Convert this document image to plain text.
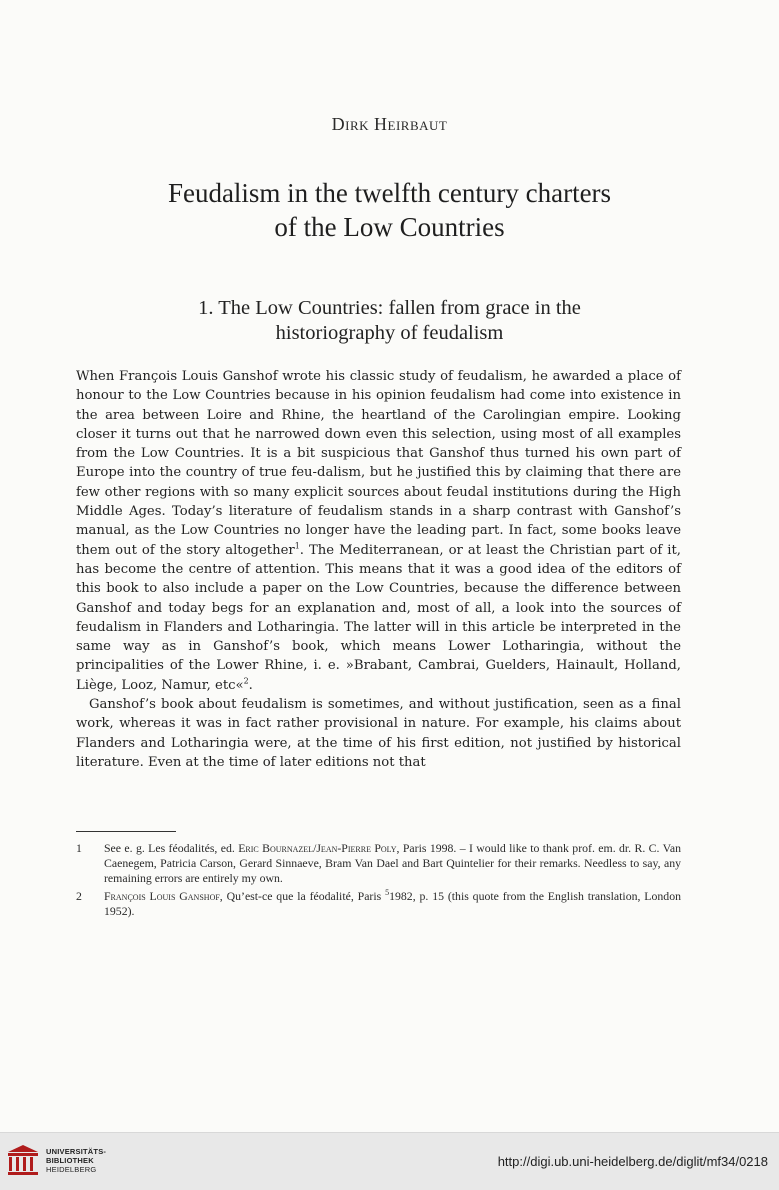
Dirk Heirbaut
Feudalism in the twelfth century charters
of the Low Countries
1. The Low Countries: fallen from grace in the
historiography of feudalism

When François Louis Ganshof wrote his classic study of feudalism, he awarded a place of honour to the Low Countries because in his opinion feudalism had come into existence in the area between Loire and Rhine, the heartland of the Carolingian empire. Looking closer it turns out that he narrowed down even this selection, using most of all examples from the Low Countries. It is a bit suspicious that Ganshof thus turned his own part of Europe into the country of true feu-dalism, but he justified this by claiming that there are few other regions with so many explicit sources about feudal institutions during the High Middle Ages. Today’s literature of feudalism stands in a sharp contrast with Ganshof’s manual, as the Low Countries no longer have the leading part. In fact, some books leave them out of the story altogether$^1$. The Mediterranean, or at least the Christian part of it, has become the centre of attention. This means that it was a good idea of the editors of this book to also include a paper on the Low Countries, because the difference between Ganshof and today begs for an explanation and, most of all, a look into the sources of feudalism in Flanders and Lotharingia. The latter will in this article be interpreted in the same way as in Ganshof’s book, which means Lower Lotharingia, without the principalities of the Lower Rhine, i. e. »Brabant, Cambrai, Guelders, Hainault, Holland, Liège, Looz, Namur, etc«$^2$.

Ganshof’s book about feudalism is sometimes, and without justification, seen as a final work, whereas it was in fact rather provisional in nature. For example, his claims about Flanders and Lotharingia were, at the time of his first edition, not justified by historical literature. Even at the time of later editions not that

1	See e. g. Les féodalités, ed. Eric Bournazel/Jean-Pierre Poly, Paris 1998. – I would like to thank prof. em. dr. R. C. Van Caenegem, Patricia Carson, Gerard Sinnaeve, Bram Van Dael and Bart Quintelier for their remarks. Needless to say, any remaining errors are entirely my own.
2	François Louis Ganshof, Qu’est-ce que la féodalité, Paris $^5$1982, p. 15 (this quote from the English translation, London 1952).
UNIVERSITÄTS-
BIBLIOTHEK
HEIDELBERG
http://digi.ub.uni-heidelberg.de/diglit/mf34/0218
